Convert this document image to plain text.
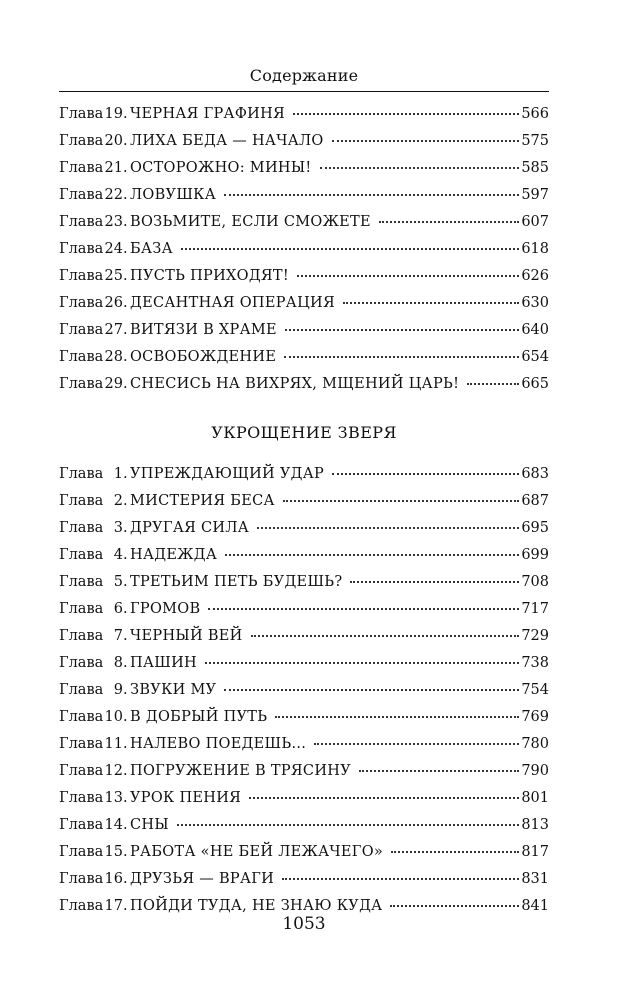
Содержание
Глава 19 . ЧЕРНАЯ ГРАФИНЯ	566
Глава 20 . ЛИХА БЕДА — НАЧАЛО	575
Глава 21 . ОСТОРОЖНО: МИНЫ!	585
Глава 22 . ЛОВУШКА	597
Глава 23 . ВОЗЬМИТЕ, ЕСЛИ СМОЖЕТЕ	607
Глава 24 . БАЗА	618
Глава 25 . ПУСТЬ ПРИХОДЯТ!	626
Глава 26 . ДЕСАНТНАЯ ОПЕРАЦИЯ	630
Глава 27 . ВИТЯЗИ В ХРАМЕ	640
Глава 28 . ОСВОБОЖДЕНИЕ	654
Глава 29 . СНЕСИСЬ НА ВИХРЯХ, МЩЕНИЙ ЦАРЬ!	665
УКРОЩЕНИЕ ЗВЕРЯ
Глава 1 . УПРЕЖДАЮЩИЙ УДАР	683
Глава 2 . МИСТЕРИЯ БЕСА	687
Глава 3 . ДРУГАЯ СИЛА	695
Глава 4 . НАДЕЖДА	699
Глава 5 . ТРЕТЬИМ ПЕТЬ БУДЕШЬ?	708
Глава 6 . ГРОМОВ	717
Глава 7 . ЧЕРНЫЙ ВЕЙ	729
Глава 8 . ПАШИН	738
Глава 9 . ЗВУКИ МУ	754
Глава 10 . В ДОБРЫЙ ПУТЬ	769
Глава 11 . НАЛЕВО ПОЕДЕШЬ...	780
Глава 12 . ПОГРУЖЕНИЕ В ТРЯСИНУ	790
Глава 13 . УРОК ПЕНИЯ	801
Глава 14 . СНЫ	813
Глава 15 . РАБОТА «НЕ БЕЙ ЛЕЖАЧЕГО»	817
Глава 16 . ДРУЗЬЯ — ВРАГИ	831
Глава 17 . ПОЙДИ ТУДА, НЕ ЗНАЮ КУДА	841
1053
